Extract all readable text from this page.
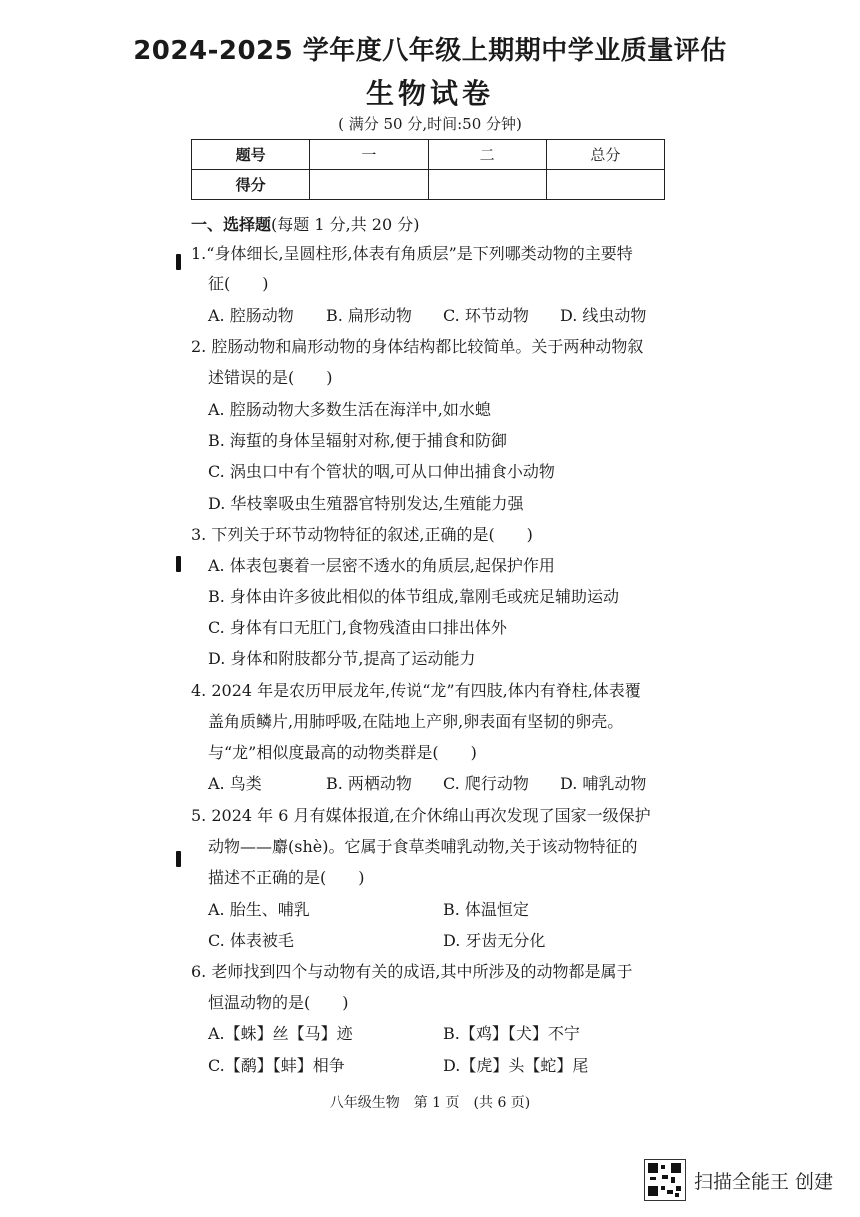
2024-2025 学年度八年级上期期中学业质量评估
生物试卷
( 满分 50 分,时间:50 分钟)
题号	一	二	总分
得分			
一、选择题(每题 1 分,共 20 分)
1.“身体细长,呈圆柱形,体表有角质层”是下列哪类动物的主要特
征(　　)
A. 腔肠动物 B. 扁形动物 C. 环节动物 D. 线虫动物
2. 腔肠动物和扁形动物的身体结构都比较简单。关于两种动物叙
述错误的是(　　)
A. 腔肠动物大多数生活在海洋中,如水螅
B. 海蜇的身体呈辐射对称,便于捕食和防御
C. 涡虫口中有个管状的咽,可从口伸出捕食小动物
D. 华枝睾吸虫生殖器官特别发达,生殖能力强
3. 下列关于环节动物特征的叙述,正确的是(　　)
A. 体表包裹着一层密不透水的角质层,起保护作用
B. 身体由许多彼此相似的体节组成,靠刚毛或疣足辅助运动
C. 身体有口无肛门,食物残渣由口排出体外
D. 身体和附肢都分节,提高了运动能力
4. 2024 年是农历甲辰龙年,传说“龙”有四肢,体内有脊柱,体表覆
盖角质鳞片,用肺呼吸,在陆地上产卵,卵表面有坚韧的卵壳。
与“龙”相似度最高的动物类群是(　　)
A. 鸟类	B. 两栖动物 C. 爬行动物 D. 哺乳动物
5. 2024 年 6 月有媒体报道,在介休绵山再次发现了国家一级保护
动物——麝(shè)。它属于食草类哺乳动物,关于该动物特征的
描述不正确的是(　　)
A. 胎生、哺乳	B. 体温恒定
C. 体表被毛	D. 牙齿无分化
6. 老师找到四个与动物有关的成语,其中所涉及的动物都是属于
恒温动物的是(　　)
A.【蛛】丝【马】迹	B.【鸡】【犬】不宁
C.【鹬】【蚌】相争	D.【虎】头【蛇】尾
八年级生物　第 1 页　(共 6 页)
扫描全能王 创建
